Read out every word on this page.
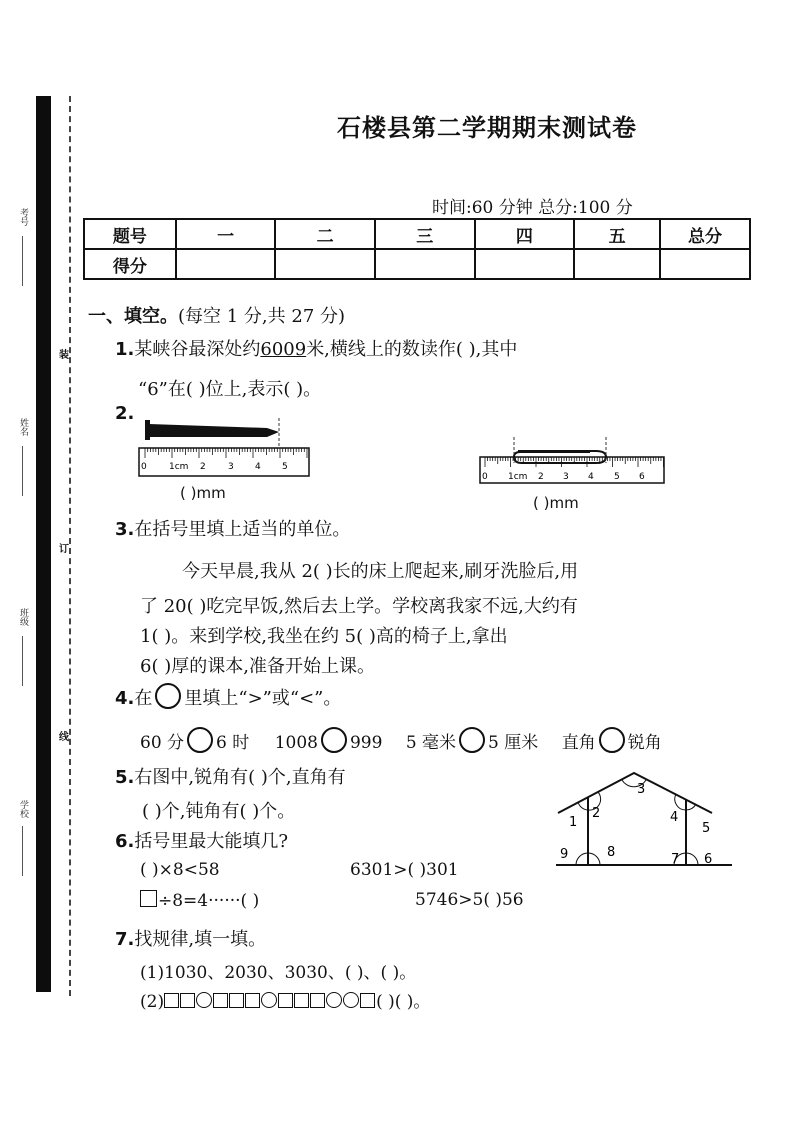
考号
姓名
班级
学校
装
订
线
石楼县第二学期期末测试卷
时间:60 分钟 总分:100 分
题号	一	二	三	四	五	总分
得分						
一、填空。(每空 1 分,共 27 分)
1.某峡谷最深处约6009米,横线上的数读作( ),其中
“6”在( )位上,表示( )。
2.
0 1cm 2 3 4 5
( )mm
0 1cm 2 3 4 5 6
( )mm
3.在括号里填上适当的单位。
今天早晨,我从 2( )长的床上爬起来,刷牙洗脸后,用
了 20( )吃完早饭,然后去上学。学校离我家不远,大约有
1( )。来到学校,我坐在约 5( )高的椅子上,拿出
6( )厚的课本,准备开始上课。
4.在 里填上“>”或“<”。
60 分 6 时 1008 999 5 毫米 5 厘米 直角 锐角
5.右图中,锐角有( )个,直角有
( )个,钝角有( )个。
1
2
3
4
5
6
7
8
9
6.括号里最大能填几?
( )×8<58	6301>( )301
÷8=4······( )	5746>5( )56
7.找规律,填一填。
(1)1030、2030、3030、( )、( )。
(2)	( )( )。
